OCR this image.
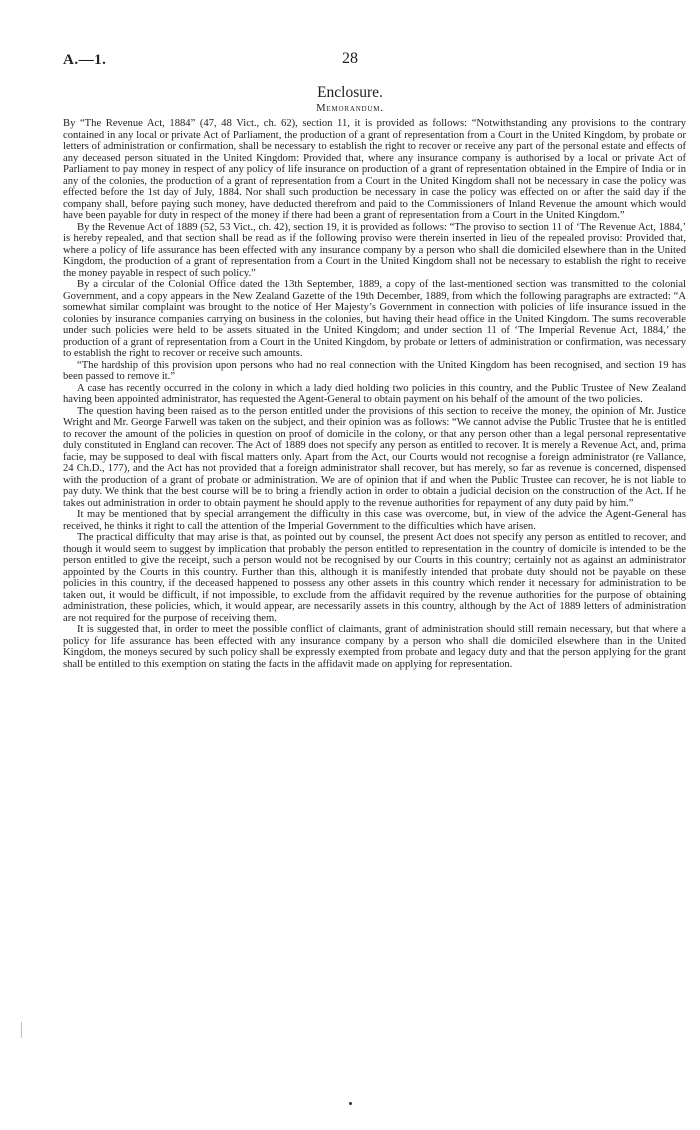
A.—1.	28
Enclosure.
Memorandum.

By “The Revenue Act, 1884” (47, 48 Vict., ch. 62), section 11, it is provided as follows: “Notwithstanding any provisions to the contrary contained in any local or private Act of Parliament, the production of a grant of representation from a Court in the United Kingdom, by probate or letters of administration or confirmation, shall be necessary to establish the right to recover or receive any part of the personal estate and effects of any deceased person situated in the United Kingdom: Provided that, where any insurance company is authorised by a local or private Act of Parliament to pay money in respect of any policy of life insurance on production of a grant of representation obtained in the Empire of India or in any of the colonies, the production of a grant of representation from a Court in the United Kingdom shall not be necessary in case the policy was effected before the 1st day of July, 1884. Nor shall such production be necessary in case the policy was effected on or after the said day if the company shall, before paying such money, have deducted therefrom and paid to the Commissioners of Inland Revenue the amount which would have been payable for duty in respect of the money if there had been a grant of representation from a Court in the United Kingdom.”

By the Revenue Act of 1889 (52, 53 Vict., ch. 42), section 19, it is provided as follows: “The proviso to section 11 of ‘The Revenue Act, 1884,’ is hereby repealed, and that section shall be read as if the following proviso were therein inserted in lieu of the repealed proviso: Provided that, where a policy of life assurance has been effected with any insurance company by a person who shall die domiciled elsewhere than in the United Kingdom, the production of a grant of representation from a Court in the United Kingdom shall not be necessary to establish the right to receive the money payable in respect of such policy.”

By a circular of the Colonial Office dated the 13th September, 1889, a copy of the last-mentioned section was transmitted to the colonial Government, and a copy appears in the New Zealand Gazette of the 19th December, 1889, from which the following paragraphs are extracted: “A somewhat similar complaint was brought to the notice of Her Majesty’s Government in connection with policies of life insurance issued in the colonies by insurance companies carrying on business in the colonies, but having their head office in the United Kingdom. The sums recoverable under such policies were held to be assets situated in the United Kingdom; and under section 11 of ‘The Imperial Revenue Act, 1884,’ the production of a grant of representation from a Court in the United Kingdom, by probate or letters of administration or confirmation, was necessary to establish the right to recover or receive such amounts.

“The hardship of this provision upon persons who had no real connection with the United Kingdom has been recognised, and section 19 has been passed to remove it.”

A case has recently occurred in the colony in which a lady died holding two policies in this country, and the Public Trustee of New Zealand having been appointed administrator, has requested the Agent-General to obtain payment on his behalf of the amount of the two policies.

The question having been raised as to the person entitled under the provisions of this section to receive the money, the opinion of Mr. Justice Wright and Mr. George Farwell was taken on the subject, and their opinion was as follows: “We cannot advise the Public Trustee that he is entitled to recover the amount of the policies in question on proof of domicile in the colony, or that any person other than a legal personal representative duly constituted in England can recover. The Act of 1889 does not specify any person as entitled to recover. It is merely a Revenue Act, and, prima facie, may be supposed to deal with fiscal matters only. Apart from the Act, our Courts would not recognise a foreign administrator (re Vallance, 24 Ch.D., 177), and the Act has not provided that a foreign administrator shall recover, but has merely, so far as revenue is concerned, dispensed with the production of a grant of probate or administration. We are of opinion that if and when the Public Trustee can recover, he is not liable to pay duty. We think that the best course will be to bring a friendly action in order to obtain a judicial decision on the construction of the Act. If he takes out administration in order to obtain payment he should apply to the revenue authorities for repayment of any duty paid by him.”

It may be mentioned that by special arrangement the difficulty in this case was overcome, but, in view of the advice the Agent-General has received, he thinks it right to call the attention of the Imperial Government to the difficulties which have arisen.

The practical difficulty that may arise is that, as pointed out by counsel, the present Act does not specify any person as entitled to recover, and though it would seem to suggest by implication that probably the person entitled to representation in the country of domicile is intended to be the person entitled to give the receipt, such a person would not be recognised by our Courts in this country; certainly not as against an administrator appointed by the Courts in this country. Further than this, although it is manifestly intended that probate duty should not be payable on these policies in this country, if the deceased happened to possess any other assets in this country which render it necessary for administration to be taken out, it would be difficult, if not impossible, to exclude from the affidavit required by the revenue authorities for the purpose of obtaining administration, these policies, which, it would appear, are necessarily assets in this country, although by the Act of 1889 letters of administration are not required for the purpose of receiving them.

It is suggested that, in order to meet the possible conflict of claimants, grant of administration should still remain necessary, but that where a policy for life assurance has been effected with any insurance company by a person who shall die domiciled elsewhere than in the United Kingdom, the moneys secured by such policy shall be expressly exempted from probate and legacy duty and that the person applying for the grant shall be entitled to this exemption on stating the facts in the affidavit made on applying for representation.
